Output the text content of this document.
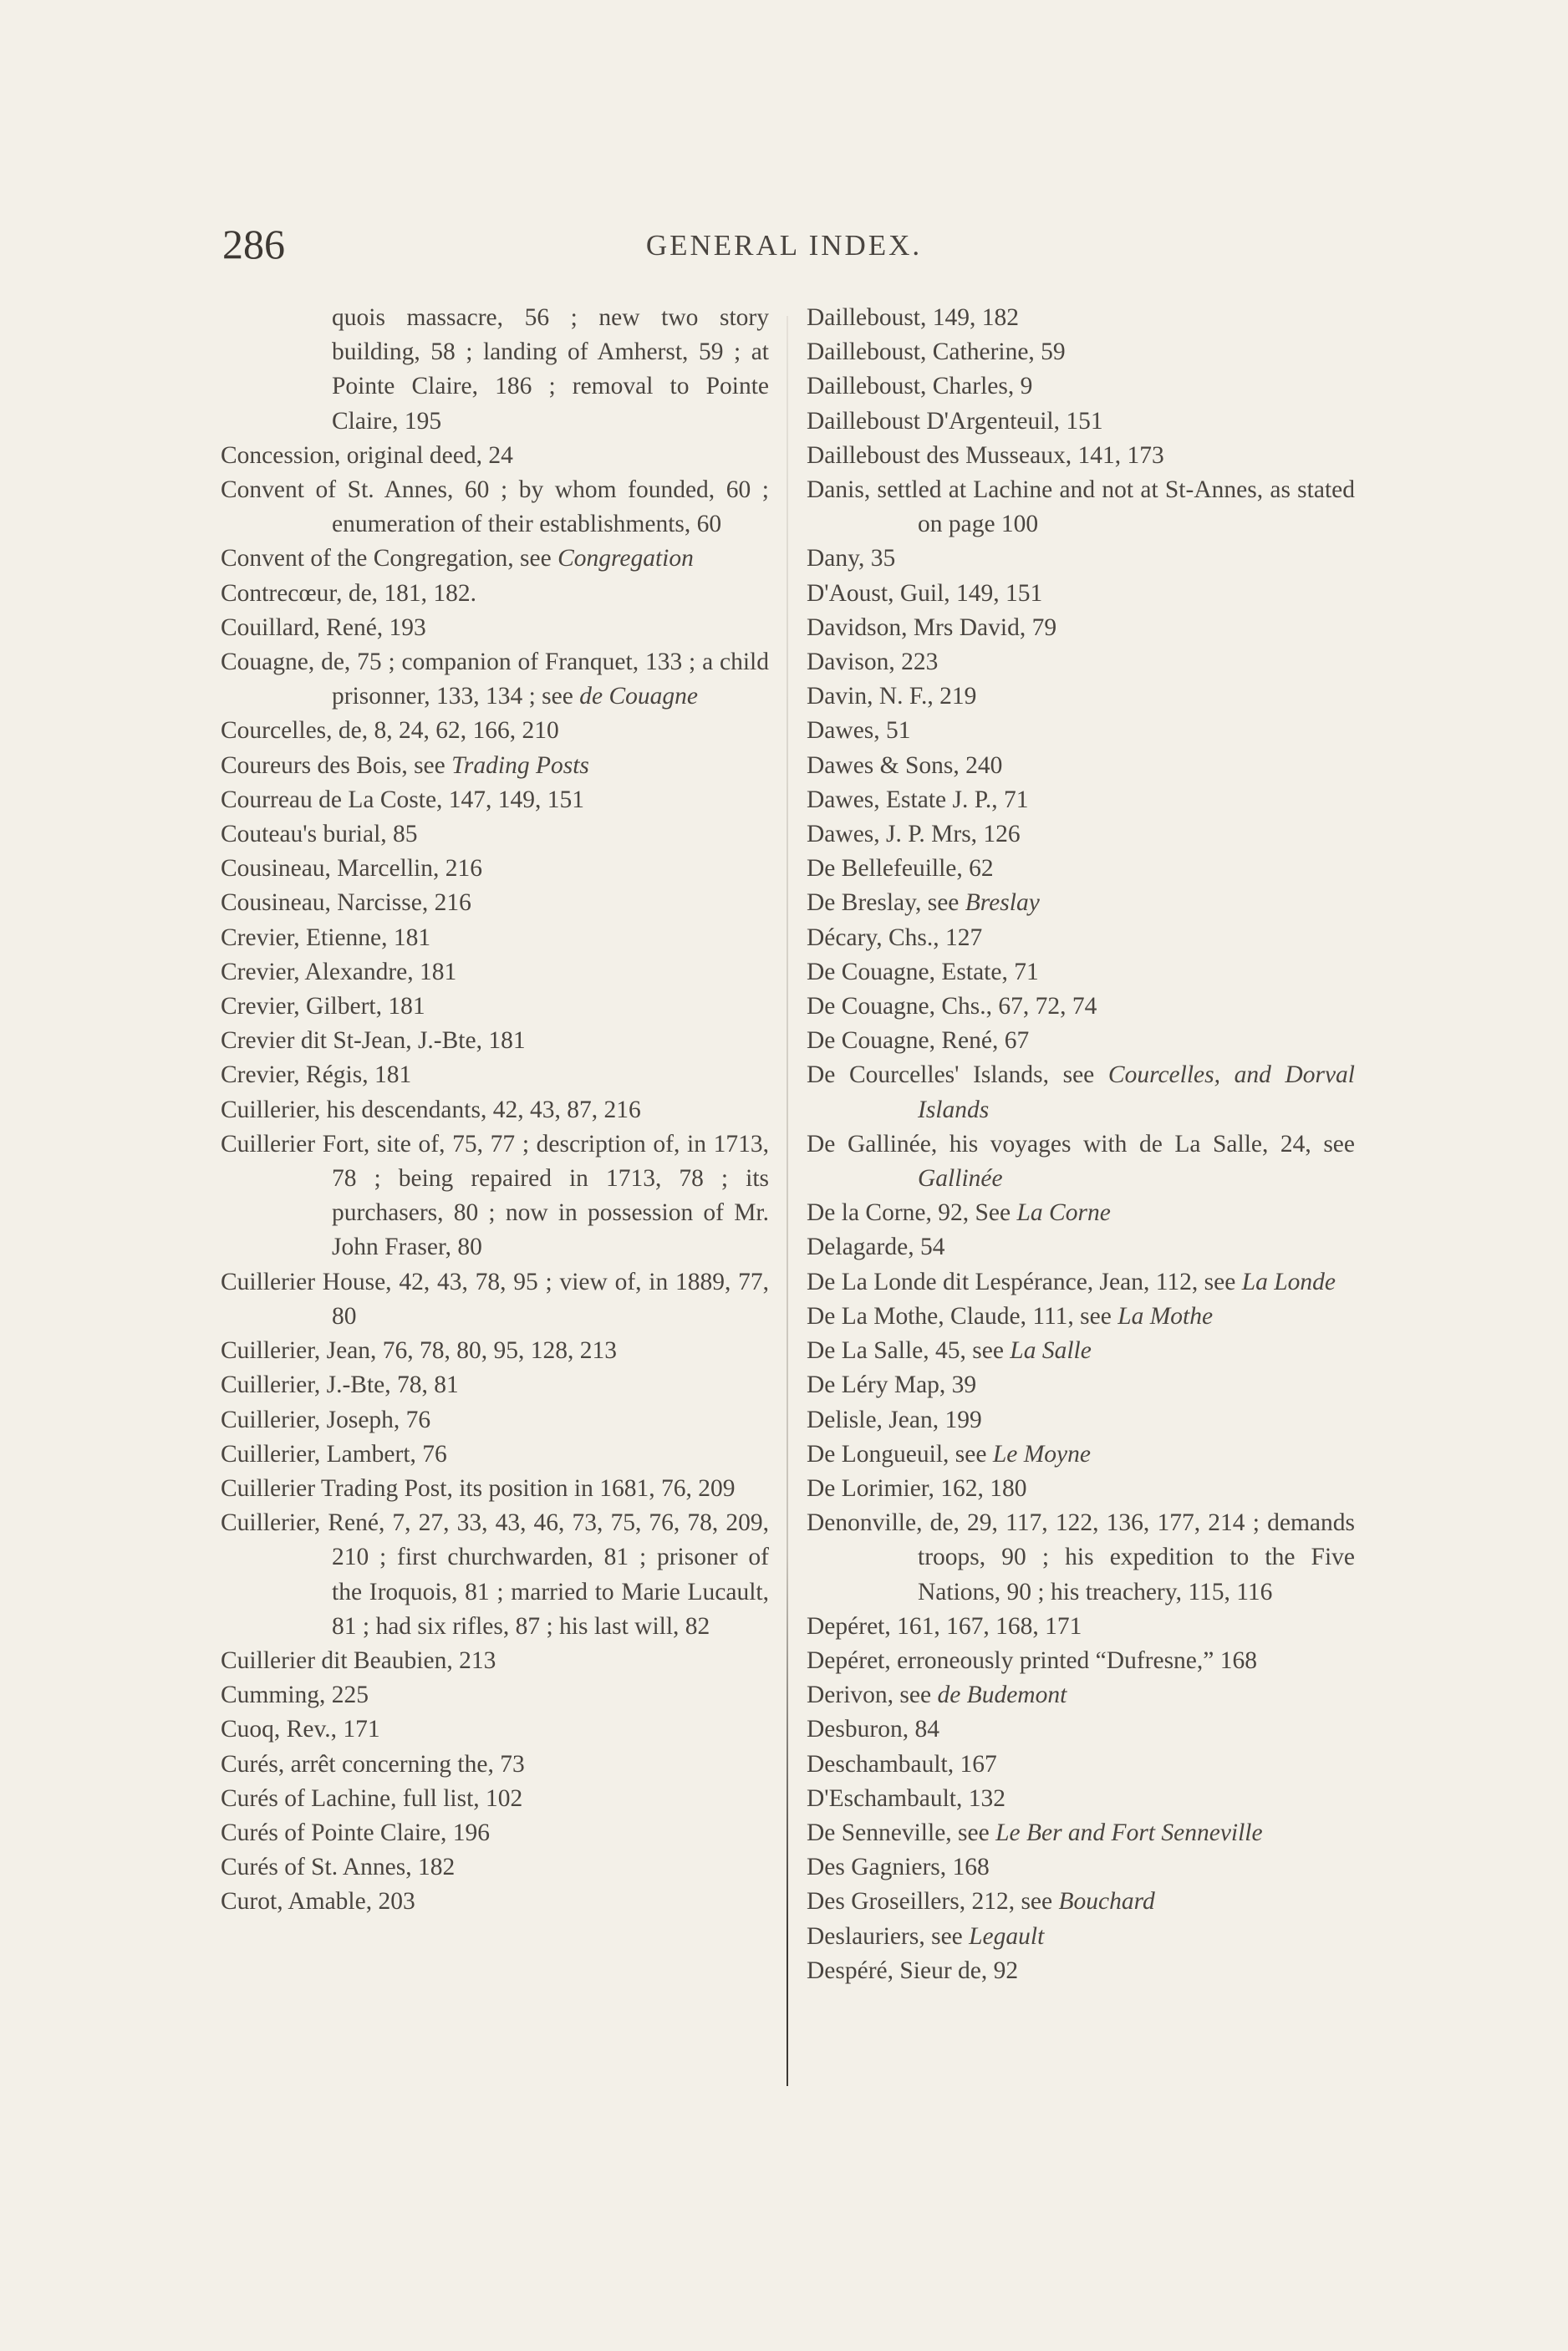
286	GENERAL INDEX.

quois massacre, 56 ; new two story building, 58 ; landing of Amherst, 59 ; at Pointe Claire, 186 ; removal to Pointe Claire, 195

Concession, original deed, 24

Convent of St. Annes, 60 ; by whom founded, 60 ; enumeration of their establishments, 60

Convent of the Congregation, see Congregation

Contrecœur, de, 181, 182.

Couillard, René, 193

Couagne, de, 75 ; companion of Franquet, 133 ; a child prisonner, 133, 134 ; see de Couagne

Courcelles, de, 8, 24, 62, 166, 210

Coureurs des Bois, see Trading Posts

Courreau de La Coste, 147, 149, 151

Couteau's burial, 85

Cousineau, Marcellin, 216

Cousineau, Narcisse, 216

Crevier, Etienne, 181

Crevier, Alexandre, 181

Crevier, Gilbert, 181

Crevier dit St-Jean, J.-Bte, 181

Crevier, Régis, 181

Cuillerier, his descendants, 42, 43, 87, 216

Cuillerier Fort, site of, 75, 77 ; description of, in 1713, 78 ; being repaired in 1713, 78 ; its purchasers, 80 ; now in possession of Mr. John Fraser, 80

Cuillerier House, 42, 43, 78, 95 ; view of, in 1889, 77, 80

Cuillerier, Jean, 76, 78, 80, 95, 128, 213

Cuillerier, J.-Bte, 78, 81

Cuillerier, Joseph, 76

Cuillerier, Lambert, 76

Cuillerier Trading Post, its position in 1681, 76, 209

Cuillerier, René, 7, 27, 33, 43, 46, 73, 75, 76, 78, 209, 210 ; first churchwarden, 81 ; prisoner of the Iroquois, 81 ; married to Marie Lucault, 81 ; had six rifles, 87 ; his last will, 82

Cuillerier dit Beaubien, 213

Cumming, 225

Cuoq, Rev., 171

Curés, arrêt concerning the, 73

Curés of Lachine, full list, 102

Curés of Pointe Claire, 196

Curés of St. Annes, 182

Curot, Amable, 203

Dailleboust, 149, 182

Dailleboust, Catherine, 59

Dailleboust, Charles, 9

Dailleboust D'Argenteuil, 151

Dailleboust des Musseaux, 141, 173

Danis, settled at Lachine and not at St-Annes, as stated on page 100

Dany, 35

D'Aoust, Guil, 149, 151

Davidson, Mrs David, 79

Davison, 223

Davin, N. F., 219

Dawes, 51

Dawes & Sons, 240

Dawes, Estate J. P., 71

Dawes, J. P. Mrs, 126

De Bellefeuille, 62

De Breslay, see Breslay

Décary, Chs., 127

De Couagne, Estate, 71

De Couagne, Chs., 67, 72, 74

De Couagne, René, 67

De Courcelles' Islands, see Courcelles, and Dorval Islands

De Gallinée, his voyages with de La Salle, 24, see Gallinée

De la Corne, 92, See La Corne

Delagarde, 54

De La Londe dit Lespérance, Jean, 112, see La Londe

De La Mothe, Claude, 111, see La Mothe

De La Salle, 45, see La Salle

De Léry Map, 39

Delisle, Jean, 199

De Longueuil, see Le Moyne

De Lorimier, 162, 180

Denonville, de, 29, 117, 122, 136, 177, 214 ; demands troops, 90 ; his expedition to the Five Nations, 90 ; his treachery, 115, 116

Depéret, 161, 167, 168, 171

Depéret, erroneously printed “Dufresne,” 168

Derivon, see de Budemont

Desburon, 84

Deschambault, 167

D'Eschambault, 132

De Senneville, see Le Ber and Fort Senneville

Des Gagniers, 168

Des Groseillers, 212, see Bouchard

Deslauriers, see Legault

Despéré, Sieur de, 92
